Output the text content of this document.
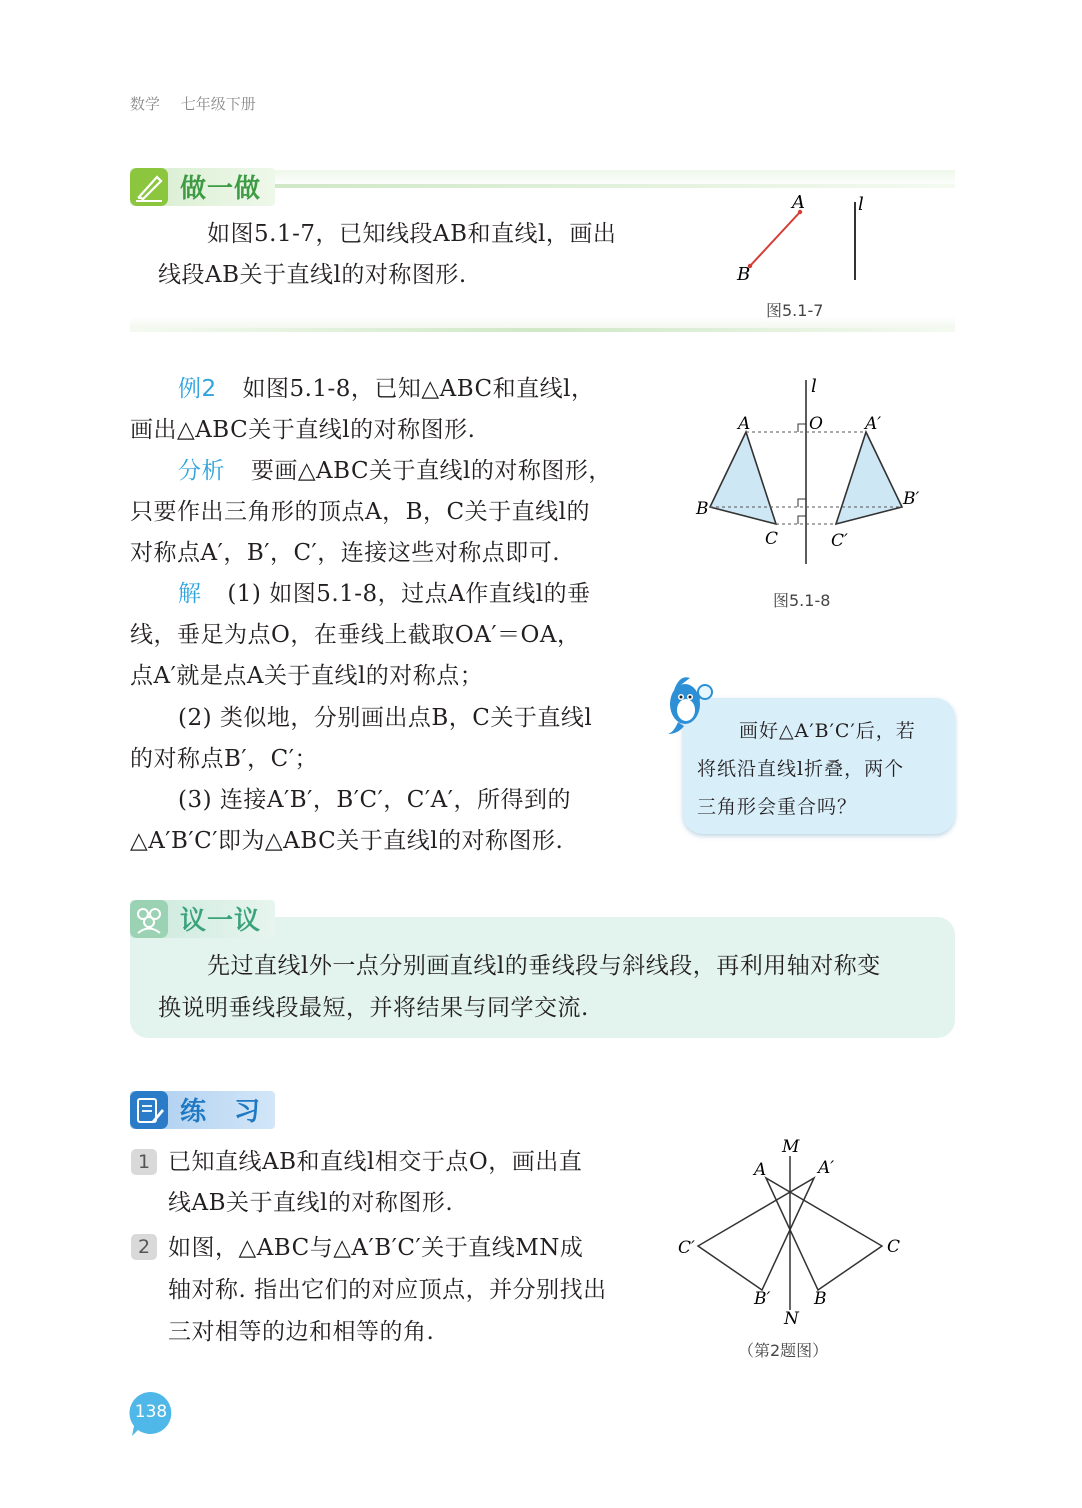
数学 七年级下册
做一做
如图5.1-7，已知线段AB和直线l，画出
线段AB关于直线l的对称图形.
A
B
l
图5.1-7
例2 如图5.1-8，已知△ABC和直线l，
画出△ABC关于直线l的对称图形.
分析 要画△ABC关于直线l的对称图形，
只要作出三角形的顶点A，B，C关于直线l的
对称点A′，B′，C′，连接这些对称点即可.
解 (1) 如图5.1-8，过点A作直线l的垂
线，垂足为点O，在垂线上截取OA′＝OA，
点A′就是点A关于直线l的对称点；
(2) 类似地，分别画出点B，C关于直线l
的对称点B′，C′；
(3) 连接A′B′，B′C′，C′A′，所得到的
△A′B′C′即为△ABC关于直线l的对称图形.
l
O
A
B
C
A′
B′
C′
图5.1-8
画好△A′B′C′后，若
将纸沿直线l折叠，两个
三角形会重合吗？
议一议
先过直线l外一点分别画直线l的垂线段与斜线段，再利用轴对称变
换说明垂线段最短，并将结果与同学交流.
练　习
1 已知直线AB和直线l相交于点O，画出直
线AB关于直线l的对称图形.
2 如图，△ABC与△A′B′C′关于直线MN成
轴对称. 指出它们的对应顶点，并分别找出
三对相等的边和相等的角.
M
N
A	A′
C′	C
B′	B
（第2题图）
138
